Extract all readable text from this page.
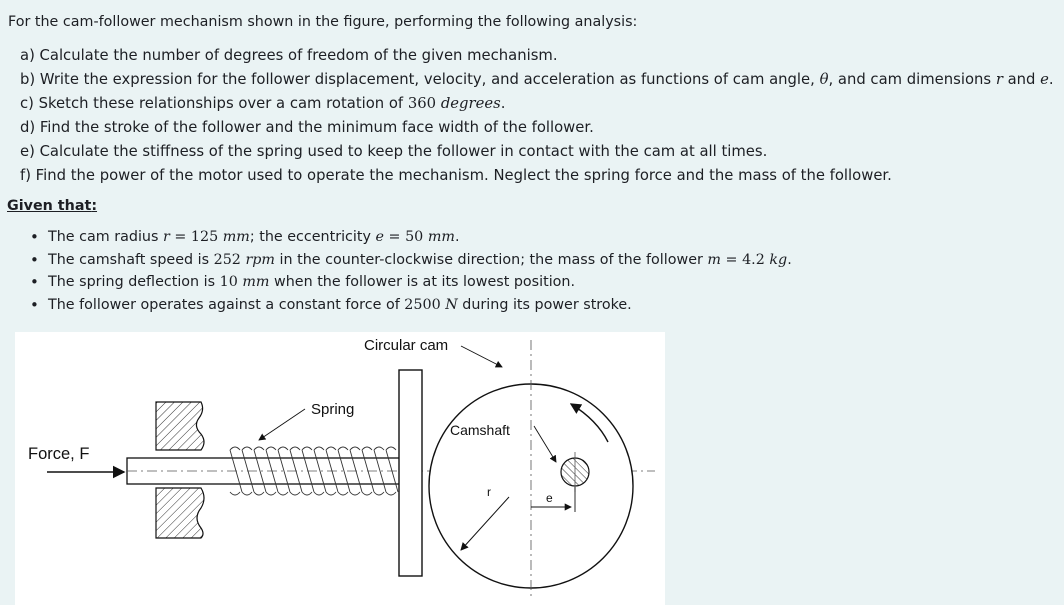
For the cam-follower mechanism shown in the figure, performing the following analysis:
a) Calculate the number of degrees of freedom of the given mechanism.
b) Write the expression for the follower displacement, velocity, and acceleration as functions of cam angle, θ, and cam dimensions r and e.
c) Sketch these relationships over a cam rotation of 360 degrees.
d) Find the stroke of the follower and the minimum face width of the follower.
e) Calculate the stiffness of the spring used to keep the follower in contact with the cam at all times.
f) Find the power of the motor used to operate the mechanism. Neglect the spring force and the mass of the follower.
Given that:
• The cam radius r = 125 mm; the eccentricity e = 50 mm.
• The camshaft speed is 252 rpm in the counter-clockwise direction; the mass of the follower m = 4.2 kg.
• The spring deflection is 10 mm when the follower is at its lowest position.
• The follower operates against a constant force of 2500 N during its power stroke.
Circular cam
Spring
Camshaft
Force, F
r	e
